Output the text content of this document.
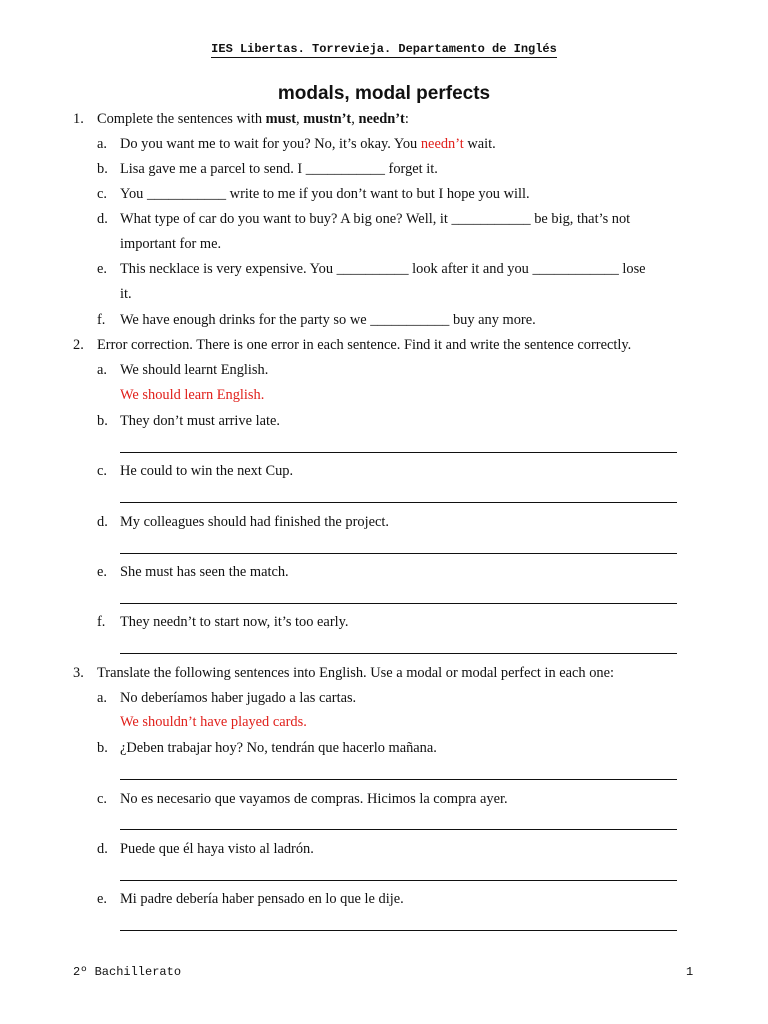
IES Libertas. Torrevieja. Departamento de Inglés
modals, modal perfects
1. Complete the sentences with must, mustn’t, needn’t:
a. Do you want me to wait for you? No, it’s okay. You needn’t wait.
b. Lisa gave me a parcel to send. I ___________ forget it.
c. You ___________ write to me if you don’t want to but I hope you will.
d. What type of car do you want to buy? A big one? Well, it ___________ be big, that’s not
important for me.
e. This necklace is very expensive. You __________ look after it and you ____________ lose
it.
f. We have enough drinks for the party so we ___________ buy any more.
2. Error correction. There is one error in each sentence. Find it and write the sentence correctly.
a. We should learnt English.
We should learn English.
b. They don’t must arrive late.
c. He could to win the next Cup.
d. My colleagues should had finished the project.
e. She must has seen the match.
f. They needn’t to start now, it’s too early.
3. Translate the following sentences into English. Use a modal or modal perfect in each one:
a. No deberíamos haber jugado a las cartas.
We shouldn’t have played cards.
b. ¿Deben trabajar hoy? No, tendrán que hacerlo mañana.
c. No es necesario que vayamos de compras. Hicimos la compra ayer.
d. Puede que él haya visto al ladrón.
e. Mi padre debería haber pensado en lo que le dije.
2º Bachillerato	1
